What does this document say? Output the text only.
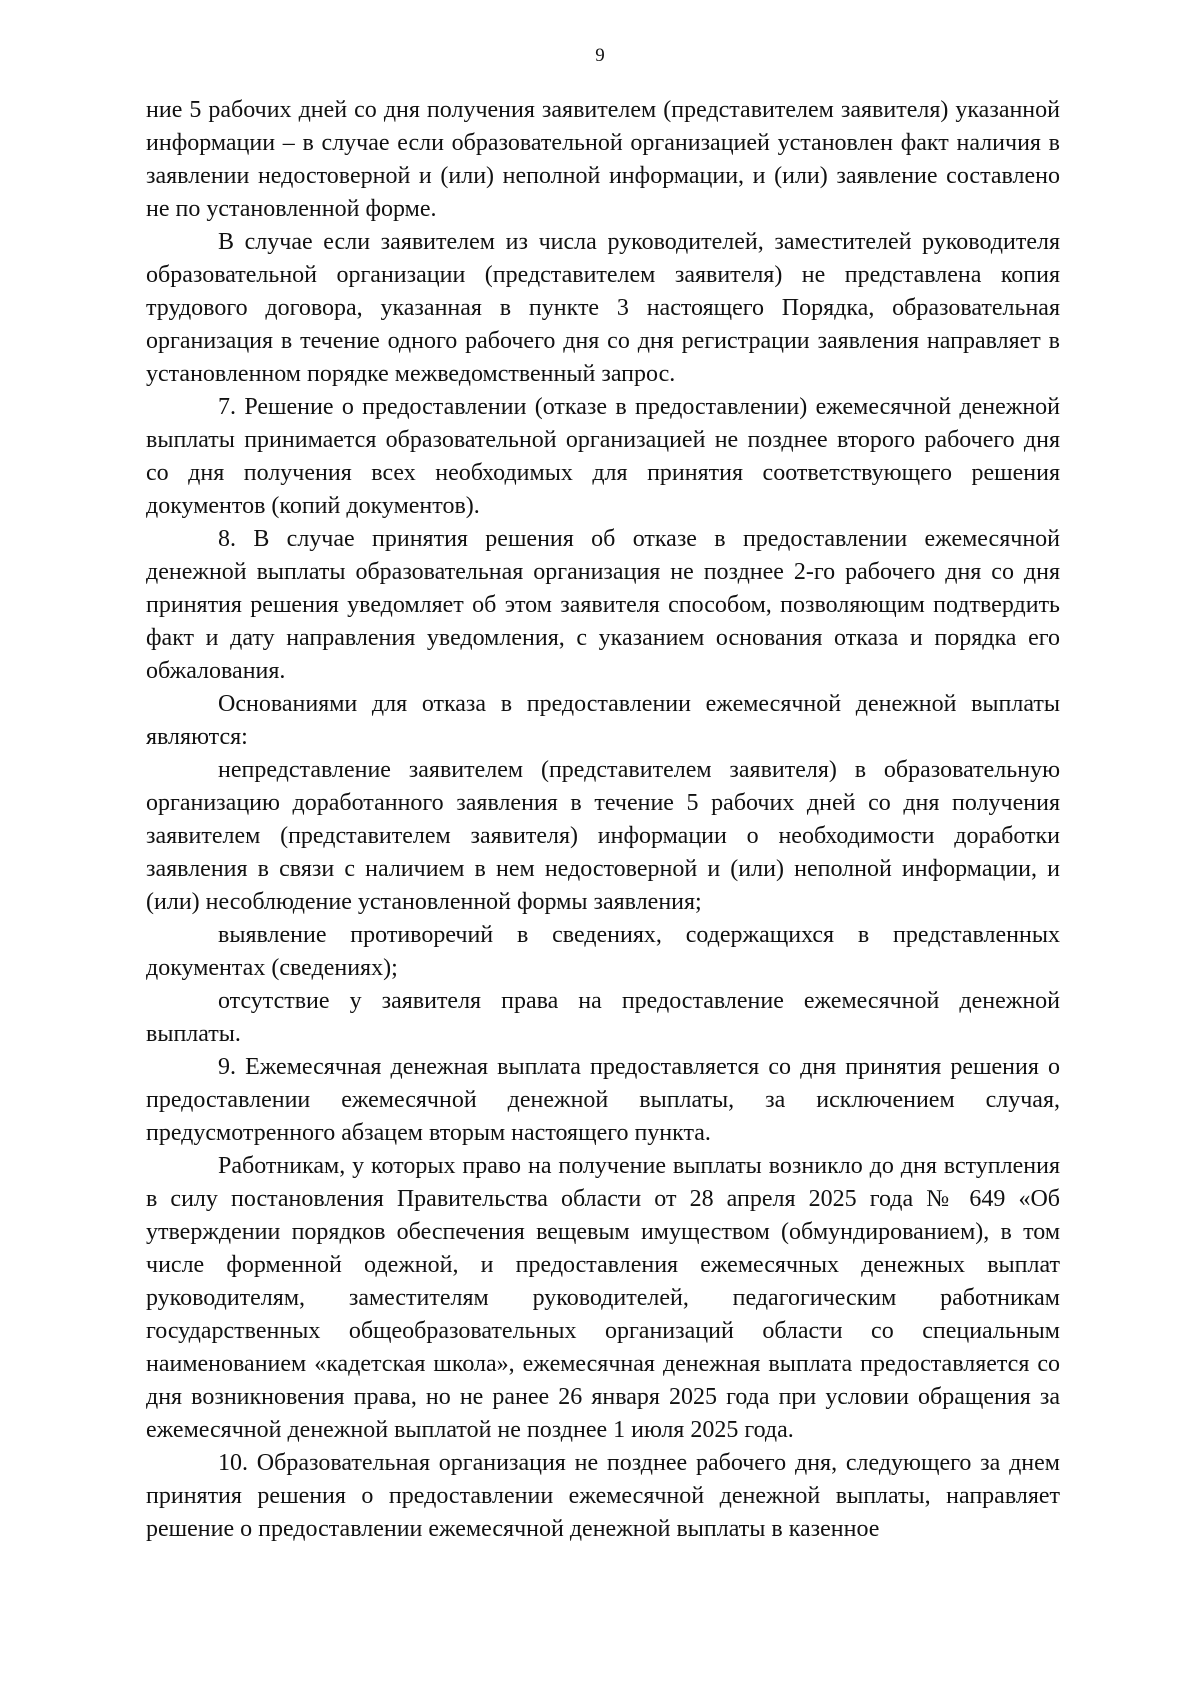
9

ние 5 рабочих дней со дня получения заявителем (представителем заявителя) указанной информации – в случае если образовательной организацией установлен факт наличия в заявлении недостоверной и (или) неполной информации, и (или) заявление составлено не по установленной форме.

В случае если заявителем из числа руководителей, заместителей руководителя образовательной организации (представителем заявителя) не представлена копия трудового договора, указанная в пункте 3 настоящего Порядка, образовательная организация в течение одного рабочего дня со дня регистрации заявления направляет в установленном порядке межведомственный запрос.

7. Решение о предоставлении (отказе в предоставлении) ежемесячной денежной выплаты принимается образовательной организацией не позднее второго рабочего дня со дня получения всех необходимых для принятия соответствующего решения документов (копий документов).

8. В случае принятия решения об отказе в предоставлении ежемесячной денежной выплаты образовательная организация не позднее 2-го рабочего дня со дня принятия решения уведомляет об этом заявителя способом, позволяющим подтвердить факт и дату направления уведомления, с указанием основания отказа и порядка его обжалования.

Основаниями для отказа в предоставлении ежемесячной денежной выплаты являются:

непредставление заявителем (представителем заявителя) в образовательную организацию доработанного заявления в течение 5 рабочих дней со дня получения заявителем (представителем заявителя) информации о необходимости доработки заявления в связи с наличием в нем недостоверной и (или) неполной информации, и (или) несоблюдение установленной формы заявления;

выявление противоречий в сведениях, содержащихся в представленных документах (сведениях);

отсутствие у заявителя права на предоставление ежемесячной денежной выплаты.

9. Ежемесячная денежная выплата предоставляется со дня принятия решения о предоставлении ежемесячной денежной выплаты, за исключением случая, предусмотренного абзацем вторым настоящего пункта.

Работникам, у которых право на получение выплаты возникло до дня вступления в силу постановления Правительства области от 28 апреля 2025 года № 649 «Об утверждении порядков обеспечения вещевым имуществом (обмундированием), в том числе форменной одежной, и предоставления ежемесячных денежных выплат руководителям, заместителям руководителей, педагогическим работникам государственных общеобразовательных организаций области со специальным наименованием «кадетская школа», ежемесячная денежная выплата предоставляется со дня возникновения права, но не ранее 26 января 2025 года при условии обращения за ежемесячной денежной выплатой не позднее 1 июля 2025 года.

10. Образовательная организация не позднее рабочего дня, следующего за днем принятия решения о предоставлении ежемесячной денежной выплаты, направляет решение о предоставлении ежемесячной денежной выплаты в казенное
